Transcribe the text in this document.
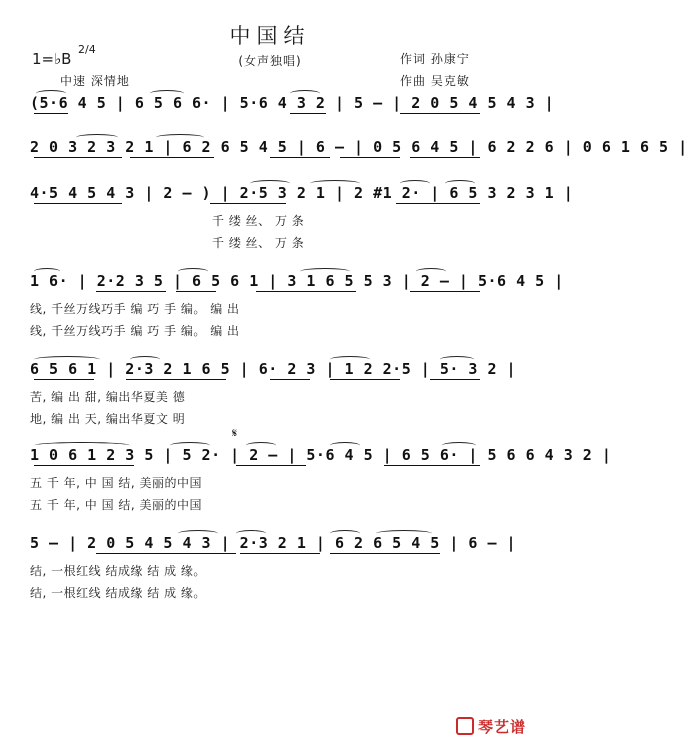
中国结
(女声独唱)
1=♭B
2/4
中速 深情地
作词 孙康宁
作曲 吴克敏
(5·6 4 5 | 6 5 6 6· | 5·6 4 3 2 | 5 – | 2 0 5 4 5 4 3 |
2 0 3 2 3 2 1 | 6 2 6 5 4 5 | 6 – | 0 5 6 4 5 | 6 2 2 6 | 0 6 1 6 5 |
4·5 4 5 4 3 | 2 – ) | 2·5 3 2 1 | 2 #1 2· | 6 5 3 2 3 1 |
千 缕 丝、 万 条
千 缕 丝、 万 条
1 6· | 2·2 3 5 | 6 5 6 1 | 3 1 6 5 5 3 | 2 – | 5·6 4 5 |
线, 千丝万线巧手 编 巧 手 编。 编 出
线, 千丝万线巧手 编 巧 手 编。 编 出
6 5 6 1 | 2·3 2 1 6 5 | 6· 2 3 | 1 2 2·5 | 5· 3 2 |
苦, 编 出 甜, 编出华夏美 德
地, 编 出 天, 编出华夏文 明
𝄋
1 0 6 1 2 3 5 | 5 2· | 2 – | 5·6 4 5 | 6 5 6· | 5 6 6 4 3 2 |
五 千 年, 中 国 结, 美丽的中国
五 千 年, 中 国 结, 美丽的中国
5 – | 2 0 5 4 5 4 3 | 2·3 2 1 | 6 2 6 5 4 5 | 6 – |
结, 一根红线 结成缘 结 成 缘。
结, 一根红线 结成缘 结 成 缘。
琴艺谱
